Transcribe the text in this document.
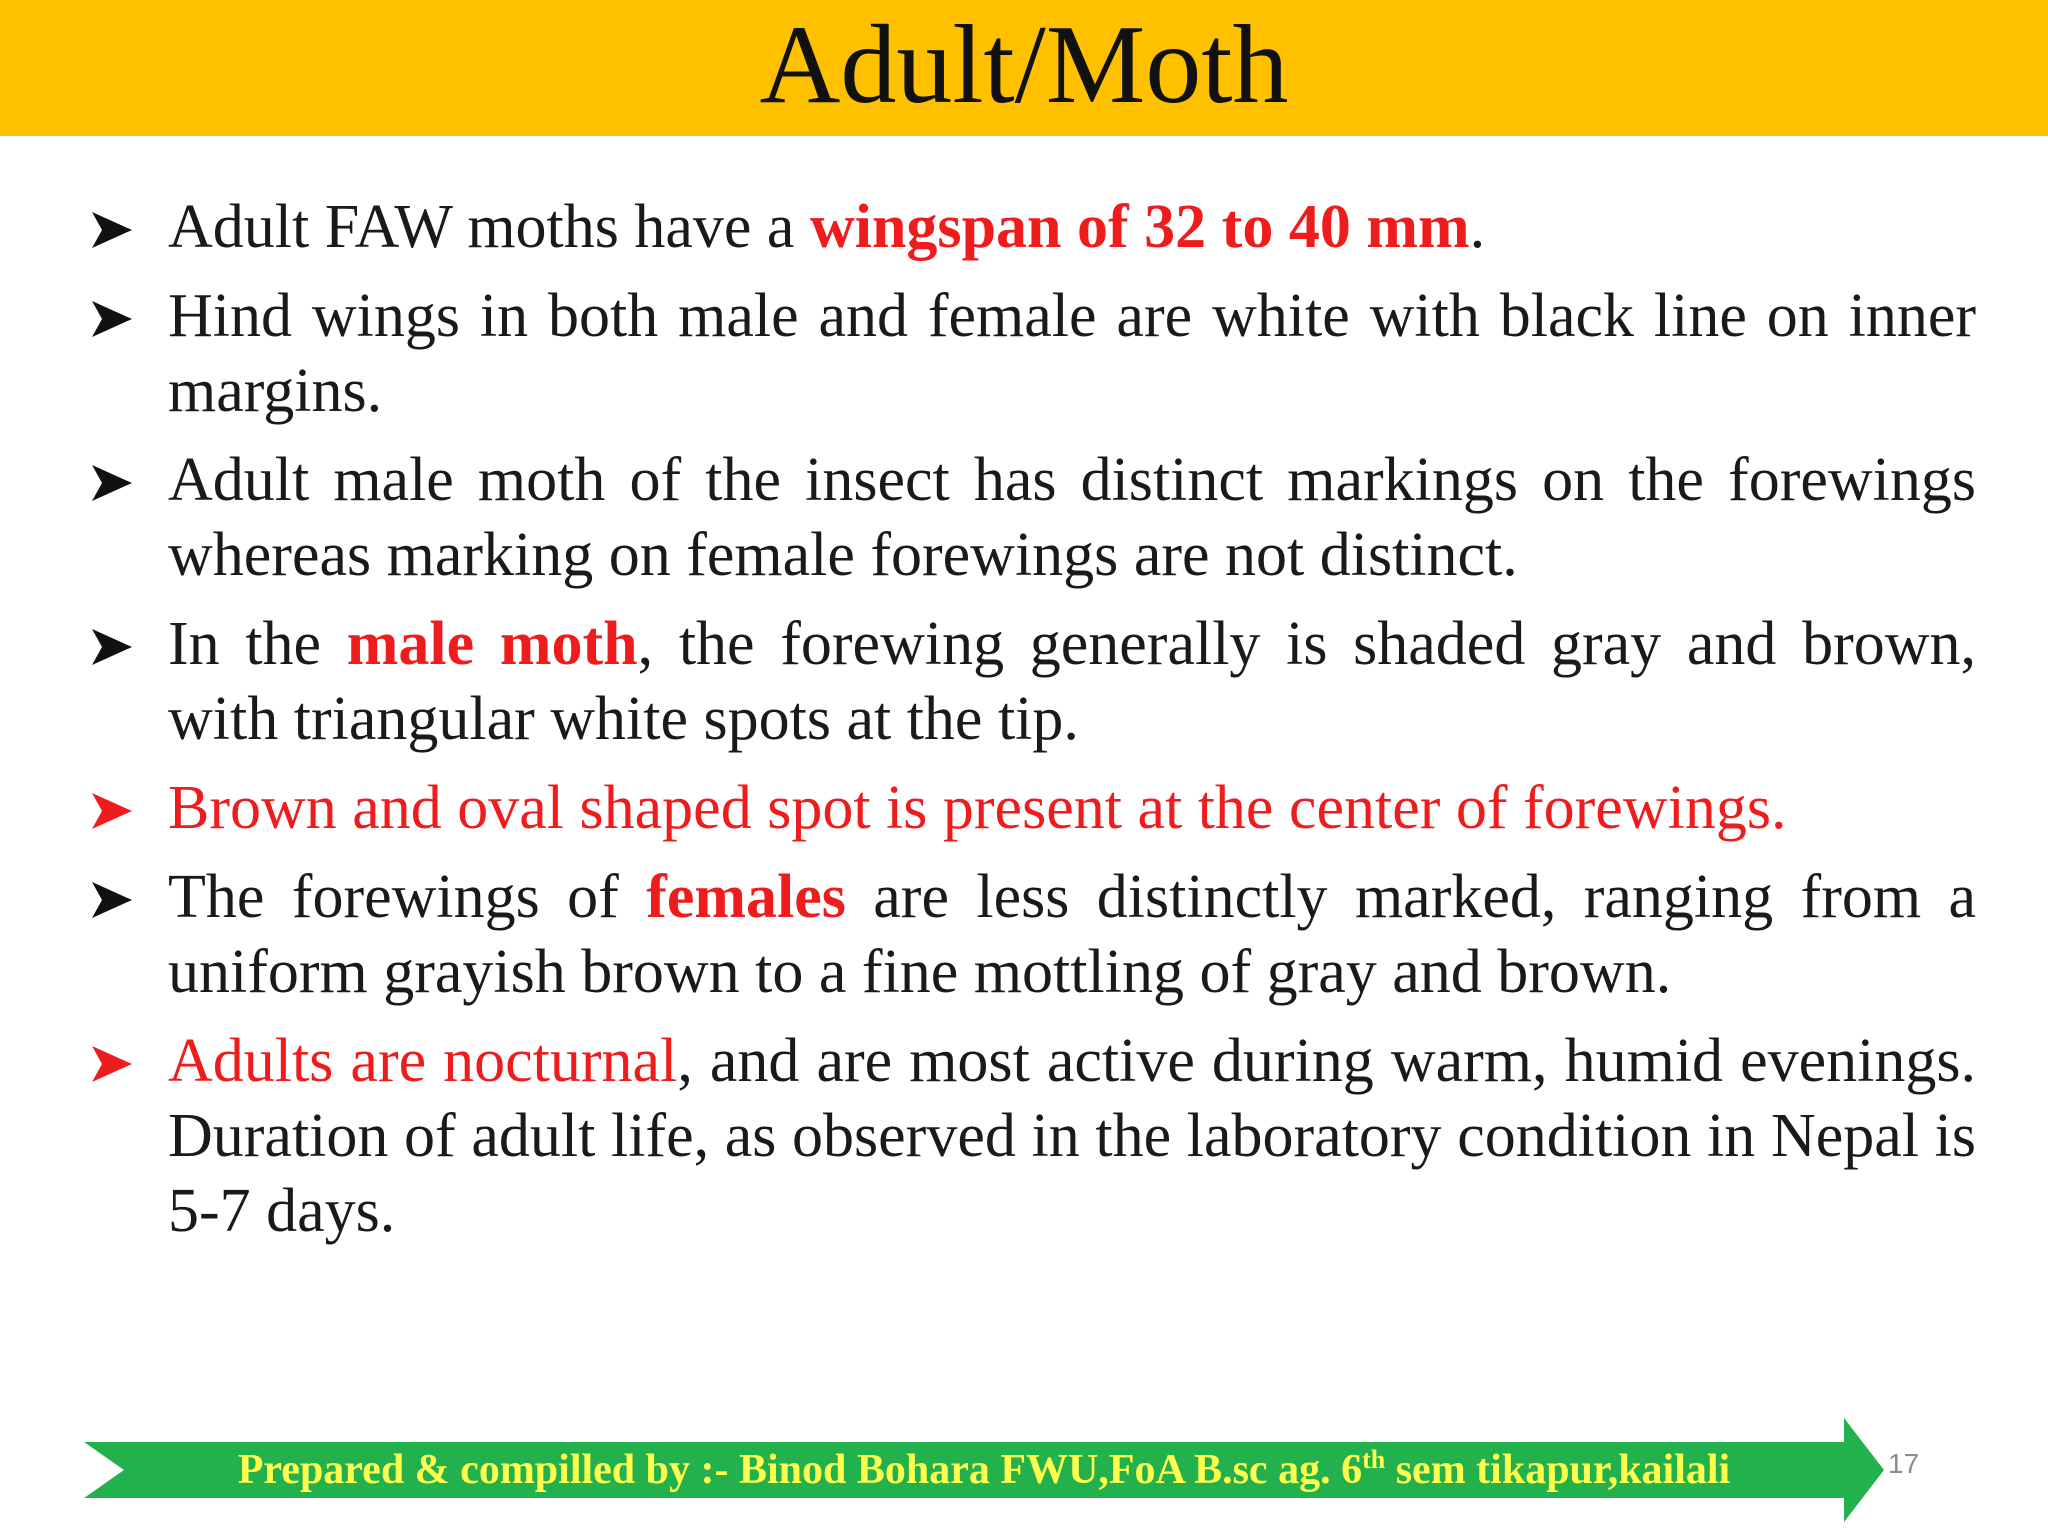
Adult/Moth
Adult FAW moths have a wingspan of 32 to 40 mm.
Hind wings in both male and female are white with black line on inner margins.
Adult male moth of the insect has distinct markings on the forewings whereas marking on female forewings are not distinct.
In the male moth, the forewing generally is shaded gray and brown, with triangular white spots at the tip.
Brown and oval shaped spot is present at the center of forewings.
The forewings of females are less distinctly marked, ranging from a uniform grayish brown to a fine mottling of gray and brown.
Adults are nocturnal, and are most active during warm, humid evenings. Duration of adult life, as observed in the laboratory condition in Nepal is 5-7 days.
Prepared & compilled by :- Binod Bohara FWU,FoA B.sc ag. 6th sem tikapur,kailali	17
